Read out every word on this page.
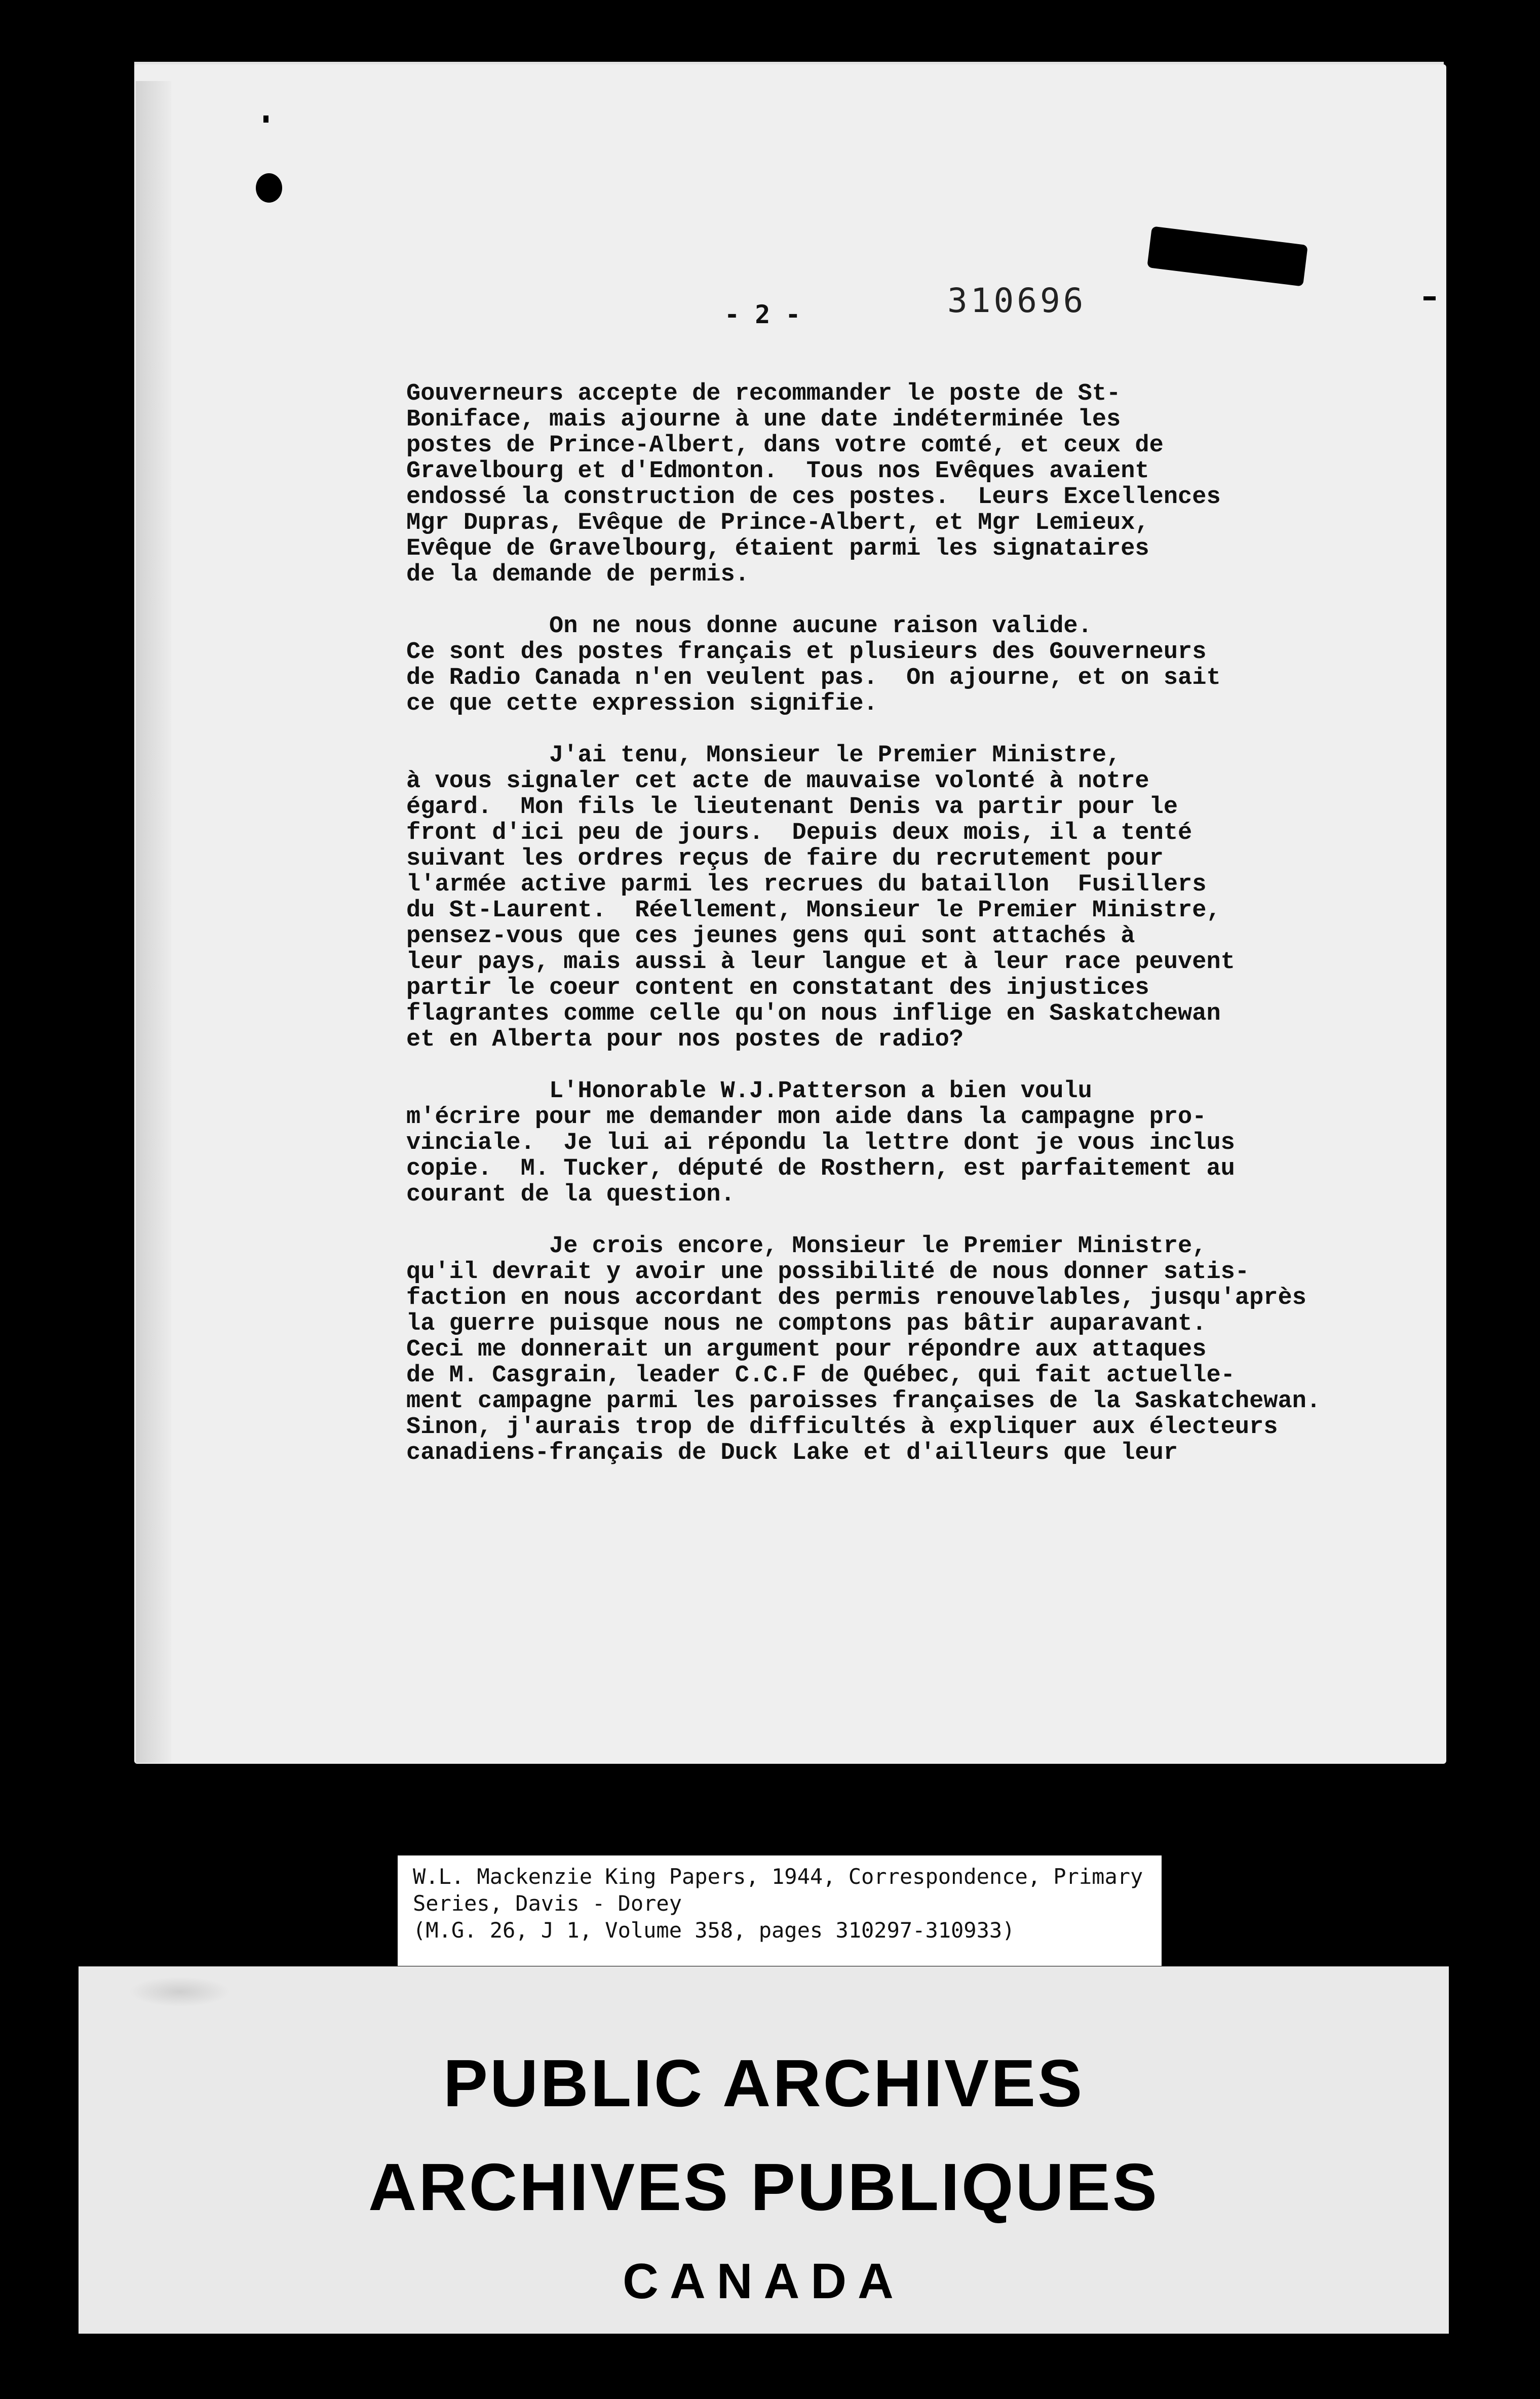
- 2 -	310696
Gouverneurs accepte de recommander le poste de St-
Boniface, mais ajourne à une date indéterminée les
postes de Prince-Albert, dans votre comté, et ceux de
Gravelbourg et d'Edmonton.  Tous nos Evêques avaient
endossé la construction de ces postes.  Leurs Excellences
Mgr Dupras, Evêque de Prince-Albert, et Mgr Lemieux,
Evêque de Gravelbourg, étaient parmi les signataires
de la demande de permis.
On ne nous donne aucune raison valide.
Ce sont des postes français et plusieurs des Gouverneurs
de Radio Canada n'en veulent pas.  On ajourne, et on sait
ce que cette expression signifie.
J'ai tenu, Monsieur le Premier Ministre,
à vous signaler cet acte de mauvaise volonté à notre
égard.  Mon fils le lieutenant Denis va partir pour le
front d'ici peu de jours.  Depuis deux mois, il a tenté
suivant les ordres reçus de faire du recrutement pour
l'armée active parmi les recrues du bataillon  Fusillers
du St-Laurent.  Réellement, Monsieur le Premier Ministre,
pensez-vous que ces jeunes gens qui sont attachés à
leur pays, mais aussi à leur langue et à leur race peuvent
partir le coeur content en constatant des injustices
flagrantes comme celle qu'on nous inflige en Saskatchewan
et en Alberta pour nos postes de radio?
L'Honorable W.J.Patterson a bien voulu
m'écrire pour me demander mon aide dans la campagne pro-
vinciale.  Je lui ai répondu la lettre dont je vous inclus
copie.  M. Tucker, député de Rosthern, est parfaitement au
courant de la question.
Je crois encore, Monsieur le Premier Ministre,
qu'il devrait y avoir une possibilité de nous donner satis-
faction en nous accordant des permis renouvelables, jusqu'après
la guerre puisque nous ne comptons pas bâtir auparavant.
Ceci me donnerait un argument pour répondre aux attaques
de M. Casgrain, leader C.C.F de Québec, qui fait actuelle-
ment campagne parmi les paroisses françaises de la Saskatchewan.
Sinon, j'aurais trop de difficultés à expliquer aux électeurs
canadiens-français de Duck Lake et d'ailleurs que leur
W.L. Mackenzie King Papers, 1944, Correspondence, Primary
Series, Davis - Dorey
(M.G. 26, J 1, Volume 358, pages 310297-310933)
PUBLIC ARCHIVES
ARCHIVES PUBLIQUES
CANADA
